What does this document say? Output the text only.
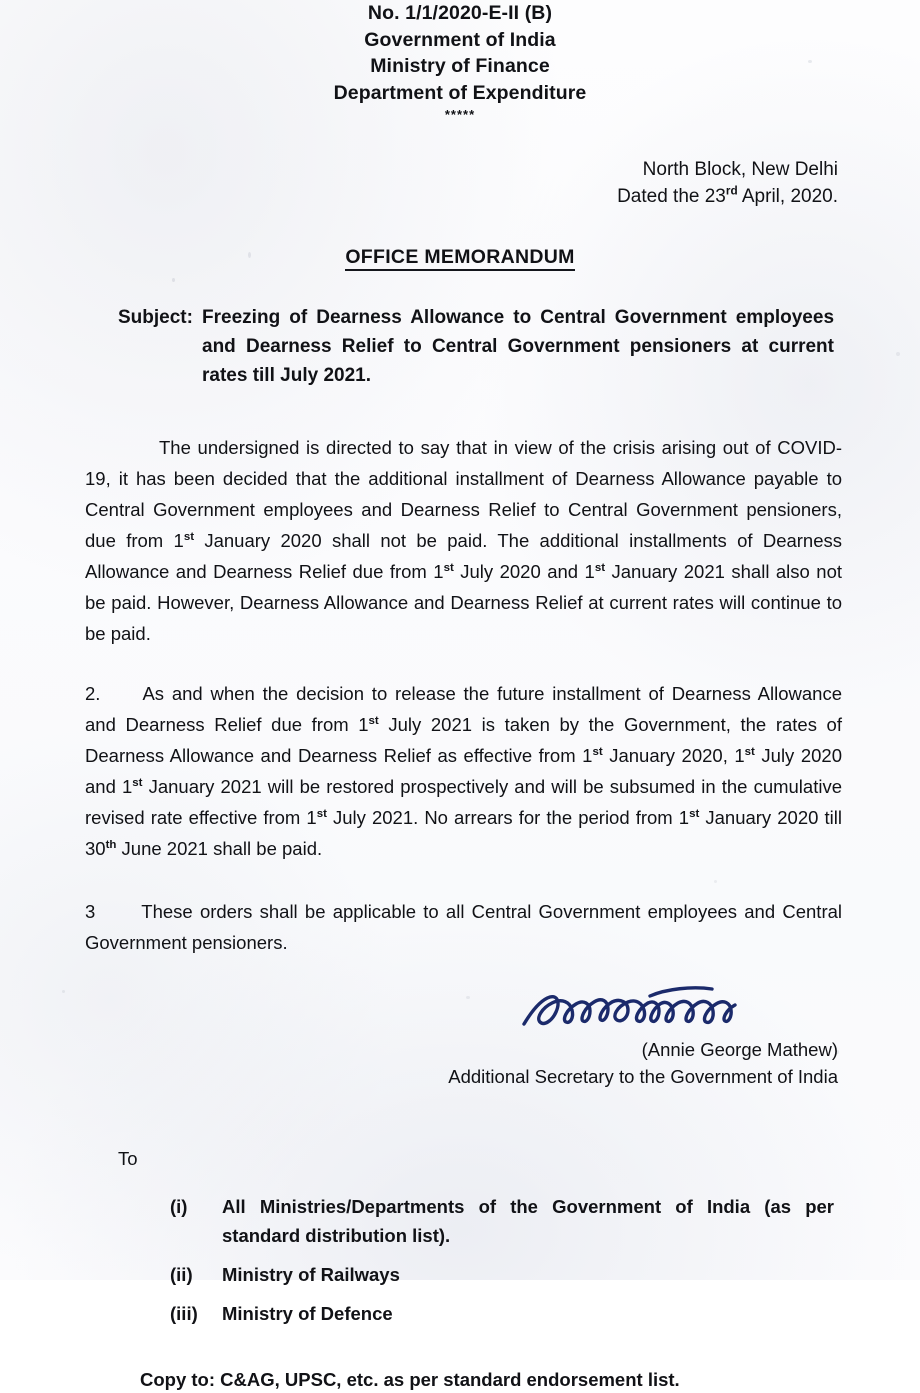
No. 1/1/2020-E-II (B)
Government of India
Ministry of Finance
Department of Expenditure
*****
North Block, New Delhi
Dated the 23rd April, 2020.
OFFICE MEMORANDUM
Subject: Freezing of Dearness Allowance to Central Government employees and Dearness Relief to Central Government pensioners at current rates till July 2021.
The undersigned is directed to say that in view of the crisis arising out of COVID-19, it has been decided that the additional installment of Dearness Allowance payable to Central Government employees and Dearness Relief to Central Government pensioners, due from 1st January 2020 shall not be paid. The additional installments of Dearness Allowance and Dearness Relief due from 1st July 2020 and 1st January 2021 shall also not be paid. However, Dearness Allowance and Dearness Relief at current rates will continue to be paid.
2. As and when the decision to release the future installment of Dearness Allowance and Dearness Relief due from 1st July 2021 is taken by the Government, the rates of Dearness Allowance and Dearness Relief as effective from 1st January 2020, 1st July 2020 and 1st January 2021 will be restored prospectively and will be subsumed in the cumulative revised rate effective from 1st July 2021. No arrears for the period from 1st January 2020 till 30th June 2021 shall be paid.
3 These orders shall be applicable to all Central Government employees and Central Government pensioners.
(Annie George Mathew)
Additional Secretary to the Government of India
To
(i)	All Ministries/Departments of the Government of India (as per standard distribution list).
(ii)	Ministry of Railways
(iii)	Ministry of Defence
Copy to: C&AG, UPSC, etc. as per standard endorsement list.
